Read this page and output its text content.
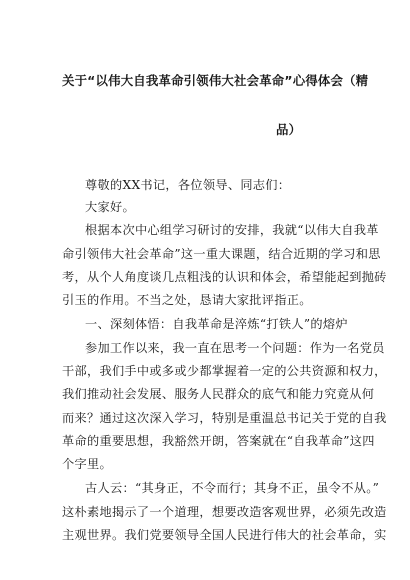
关于“以伟大自我革命引领伟大社会革命”心得体会（精
品）
尊敬的XX书记，各位领导、同志们：
大家好。
根据本次中心组学习研讨的安排，我就“以伟大自我革
命引领伟大社会革命”这一重大课题，结合近期的学习和思
考，从个人角度谈几点粗浅的认识和体会，希望能起到抛砖
引玉的作用。不当之处，恳请大家批评指正。
一、深刻体悟：自我革命是淬炼“打铁人”的熔炉
参加工作以来，我一直在思考一个问题：作为一名党员
干部，我们手中或多或少都掌握着一定的公共资源和权力，
我们推动社会发展、服务人民群众的底气和能力究竟从何
而来？通过这次深入学习，特别是重温总书记关于党的自我
革命的重要思想，我豁然开朗，答案就在“自我革命”这四
个字里。
古人云：“其身正，不令而行；其身不正，虽令不从。”
这朴素地揭示了一个道理，想要改造客观世界，必须先改造
主观世界。我们党要领导全国人民进行伟大的社会革命，实
